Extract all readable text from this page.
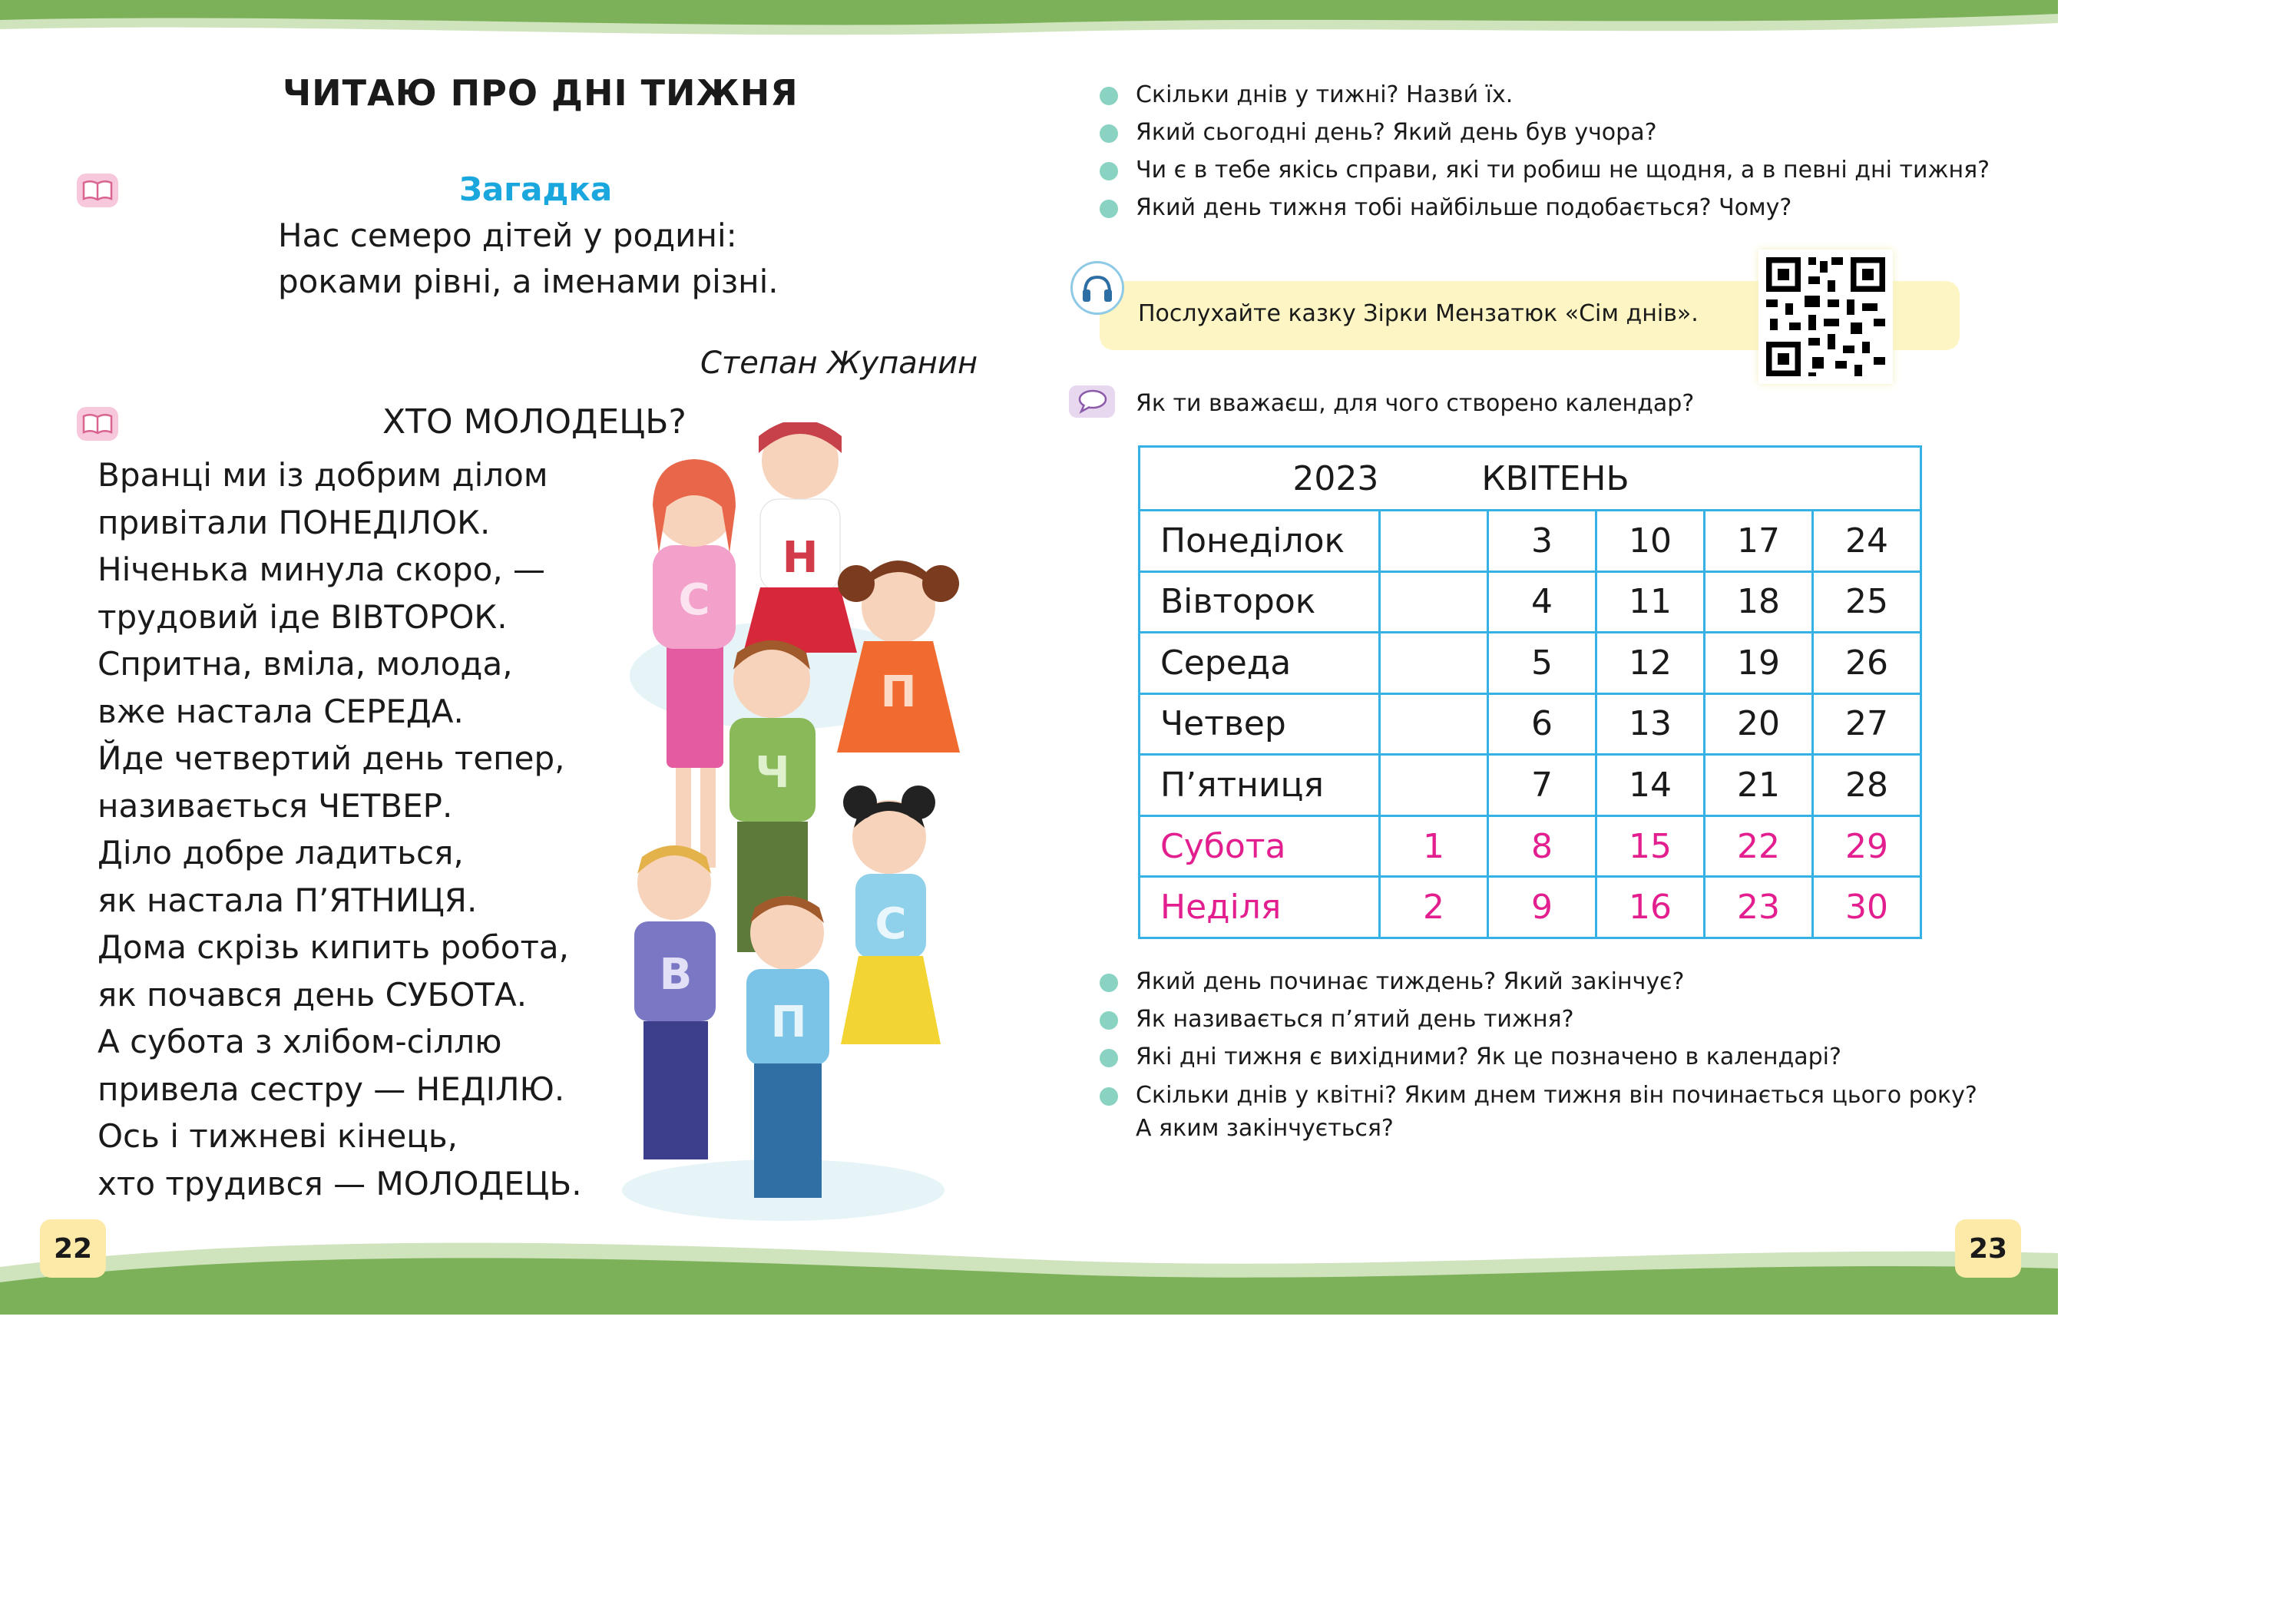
ЧИТАЮ ПРО ДНІ ТИЖНЯ
Загадка
Нас семеро дітей у родині:
роками рівні, а іменами різні.
Степан Жупанин
ХТО МОЛОДЕЦЬ?
Вранці ми із добрим ділом
привітали ПОНЕДІЛОК.
Ніченька минула скоро, —
трудовий іде ВІВТОРОК.
Спритна, вміла, молода,
вже настала СЕРЕДА.
Йде четвертий день тепер,
називається ЧЕТВЕР.
Діло добре ладиться,
як настала П’ЯТНИЦЯ.
Дома скрізь кипить робота,
як почався день СУБОТА.
А субота з хлібом-сіллю
привела сестру — НЕДІЛЮ.
Ось і тижневі кінець,
хто трудився — МОЛОДЕЦЬ.
С
Н
П
Ч
С
В
П
Скільки днів у тижні? Назви́ їх.
Який сьогодні день? Який день був учора?
Чи є в тебе якісь справи, які ти робиш не щодня, а в певні дні тижня?
Який день тижня тобі найбільше подобається? Чому?
Послухайте казку Зірки Мензатюк «Сім днів».
Як ти вважаєш, для чого створено календар?
2023 КВІТЕНЬ					
Понеділок		3	10	17	24
Вівторок		4	11	18	25
Середа		5	12	19	26
Четвер		6	13	20	27
П’ятниця		7	14	21	28
Субота	1	8	15	22	29
Неділя	2	9	16	23	30
Який день починає тиждень? Який закінчує?
Як називається п’ятий день тижня?
Які дні тижня є вихідними? Як це позначено в календарі?
Скільки днів у квітні? Яким днем тижня він починається цього року?
А яким закінчується?
22	23
